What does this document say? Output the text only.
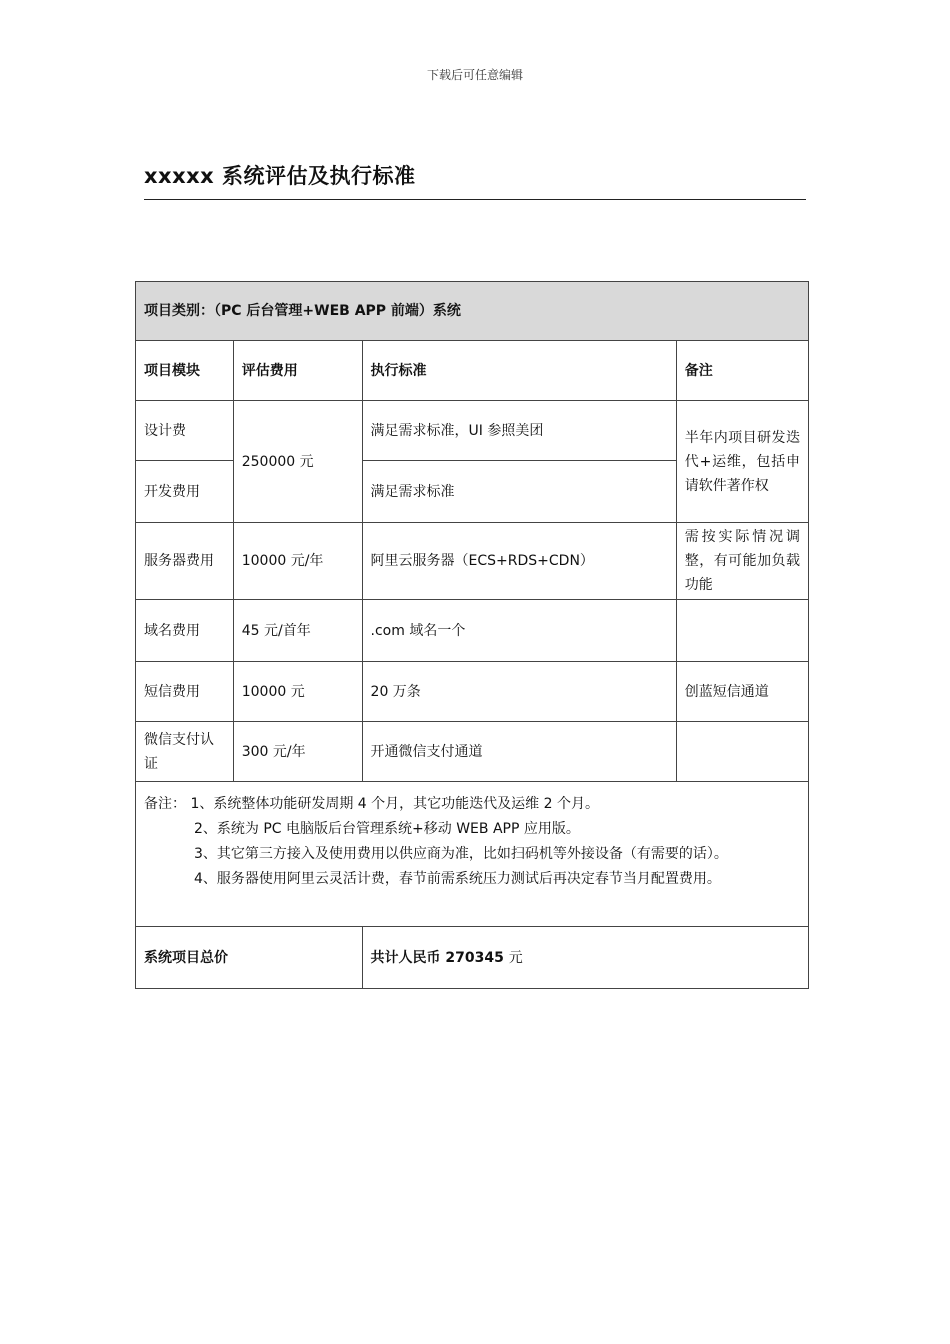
下载后可任意编辑
xxxxx 系统评估及执行标准
项目类别：（PC 后台管理+WEB APP 前端）系统			
项目模块	评估费用	执行标准	备注
设计费	250000 元	满足需求标准，UI 参照美团	半年内项目研发迭代+运维，包括申请软件著作权
开发费用		满足需求标准	
服务器费用	10000 元/年	阿里云服务器（ECS+RDS+CDN）	需按实际情况调整，有可能加负载功能
域名费用	45 元/首年	.com 域名一个	
短信费用	10000 元	20 万条	创蓝短信通道
微信支付认证	300 元/年	开通微信支付通道	

备注： 1、系统整体功能研发周期 4 个月，其它功能迭代及运维 2 个月。
2、系统为 PC 电脑版后台管理系统+移动 WEB APP 应用版。
3、其它第三方接入及使用费用以供应商为准，比如扫码机等外接设备（有需要的话）。
4、服务器使用阿里云灵活计费，春节前需系统压力测试后再决定春节当月配置费用。			

系统项目总价		共计人民币 270345 元	
